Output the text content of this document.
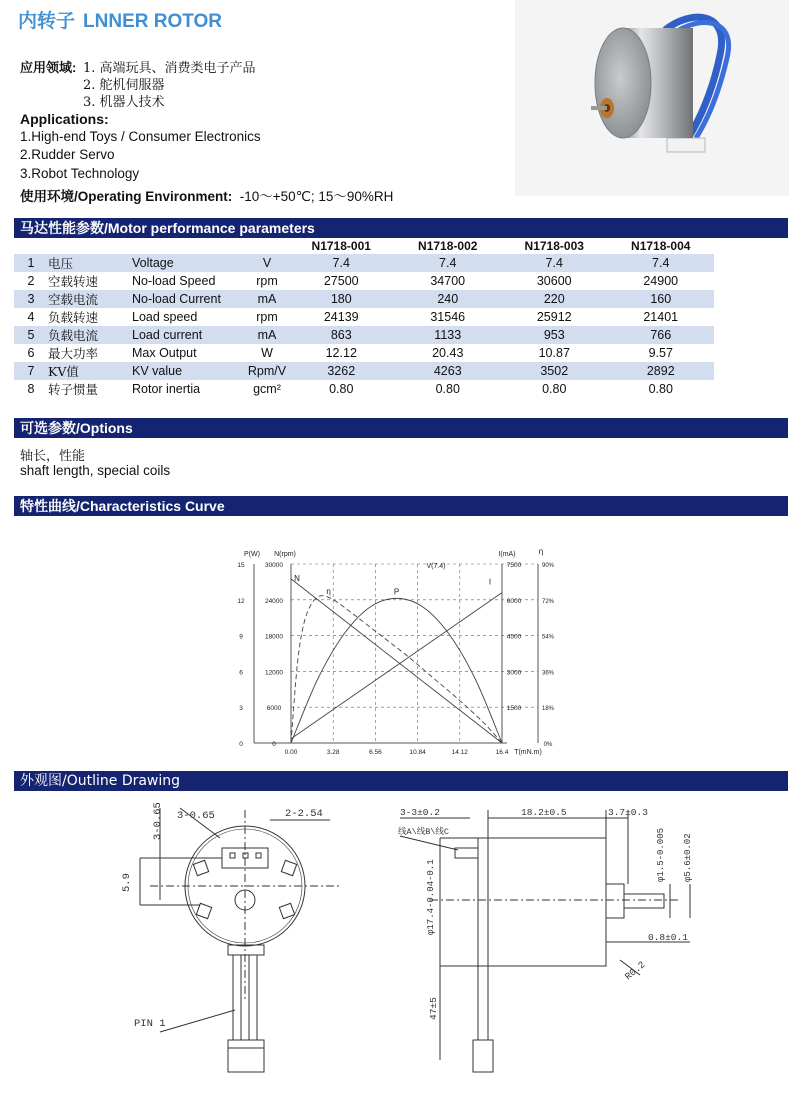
内转子 LNNER ROTOR
应用领域: 1. 高端玩具、消费类电子产品
2. 舵机伺服器
3. 机器人技术
Applications:
1.High-end Toys / Consumer Electronics
2.Rudder Servo
3.Robot Technology
使用环境/Operating Environment: -10～+50℃; 15～90%RH
马达性能参数/Motor performance parameters
				N1718-001	N1718-002	N1718-003	N1718-004
1	电压	Voltage	V	7.4	7.4	7.4	7.4
2	空载转速	No-load Speed	rpm	27500	34700	30600	24900
3	空载电流	No-load Current	mA	180	240	220	160
4	负载转速	Load speed	rpm	24139	31546	25912	21401
5	负载电流	Load current	mA	863	1133	953	766
6	最大功率	Max Output	W	12.12	20.43	10.87	9.57
7	KV值	KV value	Rpm/V	3262	4263	3502	2892
8	转子惯量	Rotor inertia	gcm²	0.80	0.80	0.80	0.80
可选参数/Options
轴长，性能
shaft length, special coils
特性曲线/Characteristics Curve
0	0	0%
3	6000	18%
1500
6	12000	36%
3000
9	18000	54%
4500
12	24000	72%
6000
15	30000	90%
7500
0.00	3.28	6.56	10.84	14.12	16.4
P(W) N(rpm)	I(mA)	η
V(7.4)
T(mN.m)
N	I
P
η
外观图/Outline Drawing
3-0.65	2-2.54
3-0.65
5.9
PIN 1
3-3±0.2	18.2±0.5	3.7±0.3
线A\线B\线C	φ1.5-0.005 φ5.6±0.02
φ17.4-0.04-0.1
0.8±0.1
R0.2
47±5
